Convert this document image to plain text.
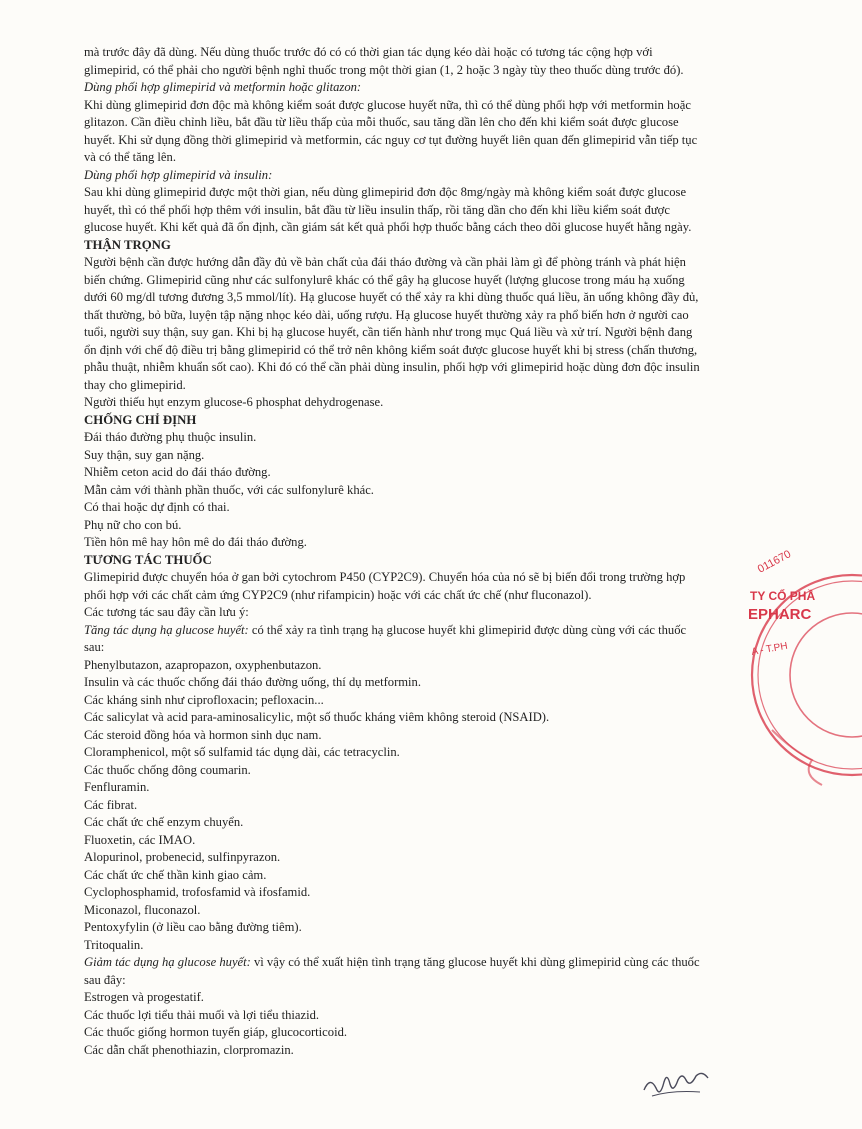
mà trước đây đã dùng. Nếu dùng thuốc trước đó có có thời gian tác dụng kéo dài hoặc có tương tác cộng hợp với

glimepirid, có thể phải cho người bệnh nghỉ thuốc trong một thời gian (1, 2 hoặc 3 ngày tùy theo thuốc dùng trước đó).

Dùng phối hợp glimepirid và metformin hoặc glitazon:

Khi dùng glimepirid đơn độc mà không kiểm soát được glucose huyết nữa, thì có thể dùng phối hợp với metformin hoặc

glitazon. Cần điều chỉnh liều, bắt đầu từ liều thấp của mỗi thuốc, sau tăng dần lên cho đến khi kiểm soát được glucose

huyết. Khi sử dụng đồng thời glimepirid và metformin, các nguy cơ tụt đường huyết liên quan đến glimepirid vẫn tiếp tục

và có thể tăng lên.

Dùng phối hợp glimepirid và insulin:

Sau khi dùng glimepirid được một thời gian, nếu dùng glimepirid đơn độc 8mg/ngày mà không kiểm soát được glucose

huyết, thì có thể phối hợp thêm với insulin, bắt đầu từ liều insulin thấp, rồi tăng dần cho đến khi liều kiểm soát được

glucose huyết. Khi kết quả đã ổn định, cần giám sát kết quả phối hợp thuốc bằng cách theo dõi glucose huyết hằng ngày.

THẬN TRỌNG

Người bệnh cần được hướng dẫn đầy đủ về bản chất của đái tháo đường và cần phải làm gì để phòng tránh và phát hiện

biến chứng. Glimepirid cũng như các sulfonylurê khác có thể gây hạ glucose huyết (lượng glucose trong máu hạ xuống

dưới 60 mg/dl tương đương 3,5 mmol/lít). Hạ glucose huyết có thể xảy ra khi dùng thuốc quá liều, ăn uống không đầy đủ,

thất thường, bỏ bữa, luyện tập nặng nhọc kéo dài, uống rượu. Hạ glucose huyết thường xảy ra phổ biến hơn ở người cao

tuổi, người suy thận, suy gan. Khi bị hạ glucose huyết, cần tiến hành như trong mục Quá liều và xử trí. Người bệnh đang

ổn định với chế độ điều trị bằng glimepirid có thể trở nên không kiểm soát được glucose huyết khi bị stress (chấn thương,

phẫu thuật, nhiễm khuẩn sốt cao). Khi đó có thể cần phải dùng insulin, phối hợp với glimepirid hoặc dùng đơn độc insulin

thay cho glimepirid.

Người thiếu hụt enzym glucose-6 phosphat dehydrogenase.

CHỐNG CHỈ ĐỊNH

Đái tháo đường phụ thuộc insulin.

Suy thận, suy gan nặng.

Nhiễm ceton acid do đái tháo đường.

Mẫn cảm với thành phần thuốc, với các sulfonylurê khác.

Có thai hoặc dự định có thai.

Phụ nữ cho con bú.

Tiền hôn mê hay hôn mê do đái tháo đường.

TƯƠNG TÁC THUỐC

Glimepirid được chuyển hóa ở gan bởi cytochrom P450 (CYP2C9). Chuyển hóa của nó sẽ bị biến đổi trong trường hợp

phối hợp với các chất cảm ứng CYP2C9 (như rifampicin) hoặc với các chất ức chế (như fluconazol).

Các tương tác sau đây cần lưu ý:

Tăng tác dụng hạ glucose huyết: có thể xảy ra tình trạng hạ glucose huyết khi glimepirid được dùng cùng với các thuốc

sau:

Phenylbutazon, azapropazon, oxyphenbutazon.

Insulin và các thuốc chống đái tháo đường uống, thí dụ metformin.

Các kháng sinh như ciprofloxacin; pefloxacin...

Các salicylat và acid para-aminosalicylic, một số thuốc kháng viêm không steroid (NSAID).

Các steroid đồng hóa và hormon sinh dục nam.

Cloramphenicol, một số sulfamid tác dụng dài, các tetracyclin.

Các thuốc chống đông coumarin.

Fenfluramin.

Các fibrat.

Các chất ức chế enzym chuyển.

Fluoxetin, các IMAO.

Alopurinol, probenecid, sulfinpyrazon.

Các chất ức chế thần kinh giao cảm.

Cyclophosphamid, trofosfamid và ifosfamid.

Miconazol, fluconazol.

Pentoxyfylin (ở liều cao bằng đường tiêm).

Tritoqualin.

Giảm tác dụng hạ glucose huyết: vì vậy có thể xuất hiện tình trạng tăng glucose huyết khi dùng glimepirid cùng các thuốc

sau đây:

Estrogen và progestatif.

Các thuốc lợi tiểu thải muối và lợi tiểu thiazid.

Các thuốc giống hormon tuyến giáp, glucocorticoid.

Các dẫn chất phenothiazin, clorpromazin.

011670
TY CỔ PHẦ
EPHARC
A - T.PH
